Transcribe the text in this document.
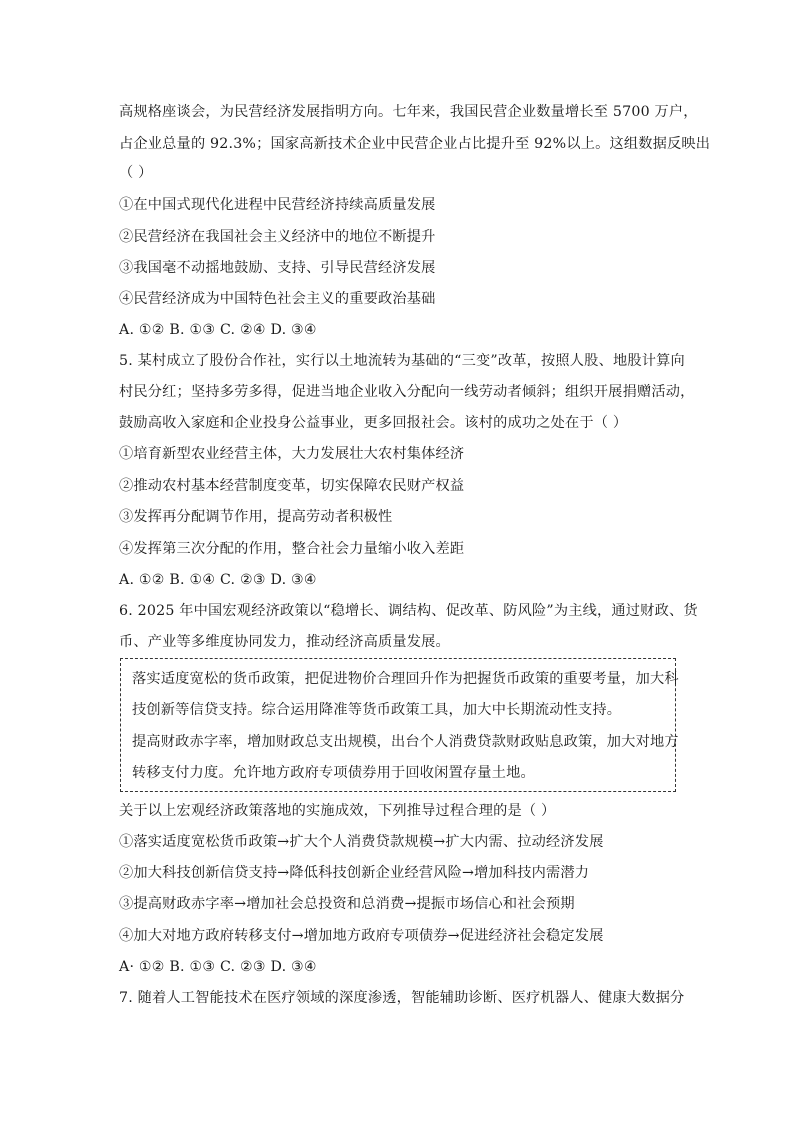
高规格座谈会，为民营经济发展指明方向。七年来，我国民营企业数量增长至 5700 万户，
占企业总量的 92.3%；国家高新技术企业中民营企业占比提升至 92%以上。这组数据反映出
（ ）
①在中国式现代化进程中民营经济持续高质量发展
②民营经济在我国社会主义经济中的地位不断提升
③我国毫不动摇地鼓励、支持、引导民营经济发展
④民营经济成为中国特色社会主义的重要政治基础
A. ①② B. ①③ C. ②④ D. ③④
5. 某村成立了股份合作社，实行以土地流转为基础的“三变”改革，按照人股、地股计算向
村民分红；坚持多劳多得，促进当地企业收入分配向一线劳动者倾斜；组织开展捐赠活动，
鼓励高收入家庭和企业投身公益事业，更多回报社会。该村的成功之处在于（ ）
①培育新型农业经营主体，大力发展壮大农村集体经济
②推动农村基本经营制度变革，切实保障农民财产权益
③发挥再分配调节作用，提高劳动者积极性
④发挥第三次分配的作用，整合社会力量缩小收入差距
A. ①② B. ①④ C. ②③ D. ③④
6. 2025 年中国宏观经济政策以“稳增长、调结构、促改革、防风险”为主线，通过财政、货
币、产业等多维度协同发力，推动经济高质量发展。
落实适度宽松的货币政策，把促进物价合理回升作为把握货币政策的重要考量，加大科
技创新等信贷支持。综合运用降准等货币政策工具，加大中长期流动性支持。
提高财政赤字率，增加财政总支出规模，出台个人消费贷款财政贴息政策，加大对地方
转移支付力度。允许地方政府专项债券用于回收闲置存量土地。
关于以上宏观经济政策落地的实施成效，下列推导过程合理的是（ ）
①落实适度宽松货币政策→扩大个人消费贷款规模→扩大内需、拉动经济发展
②加大科技创新信贷支持→降低科技创新企业经营风险→增加科技内需潜力
③提高财政赤字率→增加社会总投资和总消费→提振市场信心和社会预期
④加大对地方政府转移支付→增加地方政府专项债券→促进经济社会稳定发展
A· ①② B. ①③ C. ②③ D. ③④
7. 随着人工智能技术在医疗领域的深度渗透，智能辅助诊断、医疗机器人、健康大数据分
